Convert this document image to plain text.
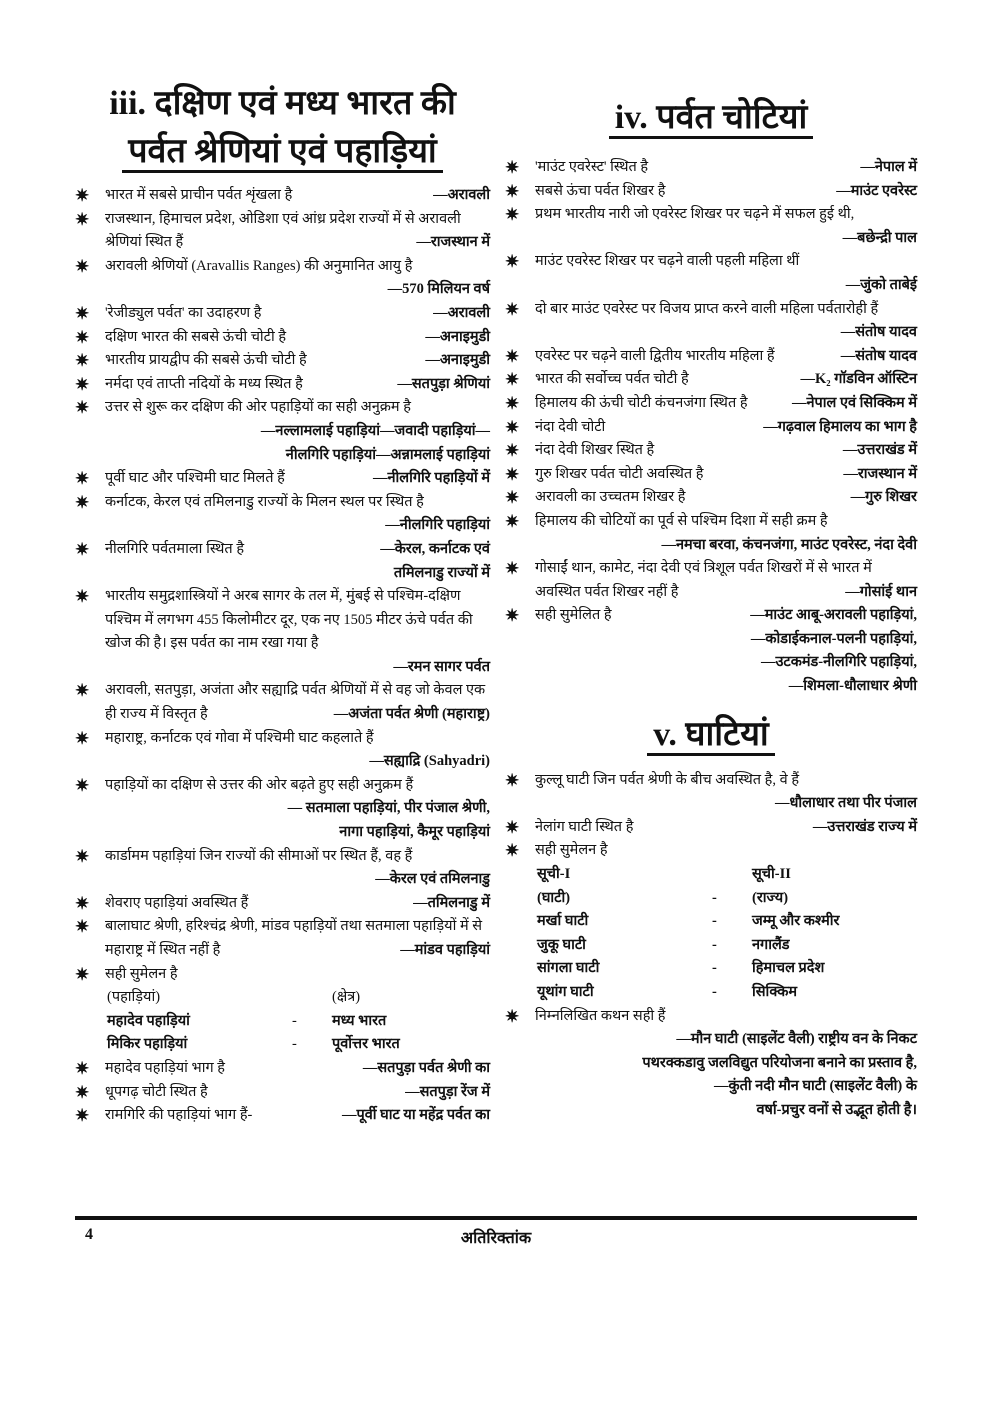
iii. दक्षिण एवं मध्य भारत की
पर्वत श्रेणियां एवं पहाड़ियां
✷ भारत में सबसे प्राचीन पर्वत शृंखला है	—अरावली
✷ राजस्थान, हिमाचल प्रदेश, ओडिशा एवं आंध्र प्रदेश राज्यों में से अरावली श्रेणियां स्थित हैं	—राजस्थान में
✷ अरावली श्रेणियों (Aravallis Ranges) की अनुमानित आयु है
—570 मिलियन वर्ष
✷ 'रेजीड्युल पर्वत' का उदाहरण है	—अरावली
✷ दक्षिण भारत की सबसे ऊंची चोटी है	—अनाइमुडी
✷ भारतीय प्रायद्वीप की सबसे ऊंची चोटी है	—अनाइमुडी
✷ नर्मदा एवं ताप्ती नदियों के मध्य स्थित है	—सतपुड़ा श्रेणियां
✷ उत्तर से शुरू कर दक्षिण की ओर पहाड़ियों का सही अनुक्रम है
—नल्लामलाई पहाड़ियां—जवादी पहाड़ियां—
नीलगिरि पहाड़ियां—अन्नामलाई पहाड़ियां
✷ पूर्वी घाट और पश्चिमी घाट मिलते हैं	—नीलगिरि पहाड़ियों में
✷ कर्नाटक, केरल एवं तमिलनाडु राज्यों के मिलन स्थल पर स्थित है
—नीलगिरि पहाड़ियां
✷ नीलगिरि पर्वतमाला स्थित है	—केरल, कर्नाटक एवं
तमिलनाडु राज्यों में
✷ भारतीय समुद्रशास्त्रियों ने अरब सागर के तल में, मुंबई से पश्चिम-दक्षिण पश्चिम में लगभग 455 किलोमीटर दूर, एक नए 1505 मीटर ऊंचे पर्वत की खोज की है। इस पर्वत का नाम रखा गया है
—रमन सागर पर्वत
✷ अरावली, सतपुड़ा, अजंता और सह्याद्रि पर्वत श्रेणियों में से वह जो केवल एक ही राज्य में विस्तृत है	—अजंता पर्वत श्रेणी (महाराष्ट्र)
✷ महाराष्ट्र, कर्नाटक एवं गोवा में पश्चिमी घाट कहलाते हैं
—सह्याद्रि (Sahyadri)
✷ पहाड़ियों का दक्षिण से उत्तर की ओर बढ़ते हुए सही अनुक्रम हैं
— सतमाला पहाड़ियां, पीर पंजाल श्रेणी,
नागा पहाड़ियां, कैमूर पहाड़ियां
✷ कार्डामम पहाड़ियां जिन राज्यों की सीमाओं पर स्थित हैं, वह हैं
—केरल एवं तमिलनाडु
✷ शेवराए पहाड़ियां अवस्थित हैं	—तमिलनाडु में
✷ बालाघाट श्रेणी, हरिश्चंद्र श्रेणी, मांडव पहाड़ियों तथा सतमाला पहाड़ियों में से महाराष्ट्र में स्थित नहीं है	—मांडव पहाड़ियां
✷ सही सुमेलन है
(पहाड़ियां)	(क्षेत्र)
महादेव पहाड़ियां	-	मध्य भारत
मिकिर पहाड़ियां	-	पूर्वोत्तर भारत
✷ महादेव पहाड़ियां भाग है	—सतपुड़ा पर्वत श्रेणी का
✷ धूपगढ़ चोटी स्थित है	—सतपुड़ा रेंज में
✷ रामगिरि की पहाड़ियां भाग हैं-	—पूर्वी घाट या महेंद्र पर्वत का
iv. पर्वत चोटियां
✷ 'माउंट एवरेस्ट' स्थित है	—नेपाल में
✷ सबसे ऊंचा पर्वत शिखर है	—माउंट एवरेस्ट
✷ प्रथम भारतीय नारी जो एवरेस्ट शिखर पर चढ़ने में सफल हुई थी,
—बछेन्द्री पाल
✷ माउंट एवरेस्ट शिखर पर चढ़ने वाली पहली महिला थीं
—जुंको ताबेई
✷ दो बार माउंट एवरेस्ट पर विजय प्राप्त करने वाली महिला पर्वतारोही हैं
—संतोष यादव
✷ एवरेस्ट पर चढ़ने वाली द्वितीय भारतीय महिला हैं	—संतोष यादव
✷ भारत की सर्वोच्च पर्वत चोटी है	—K₂ गॉडविन ऑस्टिन
✷ हिमालय की ऊंची चोटी कंचनजंगा स्थित है	—नेपाल एवं सिक्किम में
✷ नंदा देवी चोटी	—गढ़वाल हिमालय का भाग है
✷ नंदा देवी शिखर स्थित है	—उत्तराखंड में
✷ गुरु शिखर पर्वत चोटी अवस्थित है	—राजस्थान में
✷ अरावली का उच्चतम शिखर है	—गुरु शिखर
✷ हिमालय की चोटियों का पूर्व से पश्चिम दिशा में सही क्रम है
—नमचा बरवा, कंचनजंगा, माउंट एवरेस्ट, नंदा देवी
✷ गोसाईं थान, कामेट, नंदा देवी एवं त्रिशूल पर्वत शिखरों में से भारत में अवस्थित पर्वत शिखर नहीं है	—गोसांई थान
✷ सही सुमेलित है	—माउंट आबू-अरावली पहाड़ियां,
—कोडाईकनाल-पलनी पहाड़ियां,
—उटकमंड-नीलगिरि पहाड़ियां,
—शिमला-धौलाधार श्रेणी
v. घाटियां
✷ कुल्लू घाटी जिन पर्वत श्रेणी के बीच अवस्थित है, वे हैं
—धौलाधार तथा पीर पंजाल
✷ नेलांग घाटी स्थित है	—उत्तराखंड राज्य में
✷ सही सुमेलन है
सूची-I	सूची-II
(घाटी)	-	(राज्य)
मर्खा घाटी	-	जम्मू और कश्मीर
जुकू घाटी	-	नगालैंड
सांगला घाटी	-	हिमाचल प्रदेश
यूथांग घाटी	-	सिक्किम
✷ निम्नलिखित कथन सही हैं
—मौन घाटी (साइलेंट वैली) राष्ट्रीय वन के निकट
पथरक्कडावु जलविद्युत परियोजना बनाने का प्रस्ताव है,
—कुंती नदी मौन घाटी (साइलेंट वैली) के
वर्षा-प्रचुर वनों से उद्भूत होती है।
4	अतिरिक्तांक
